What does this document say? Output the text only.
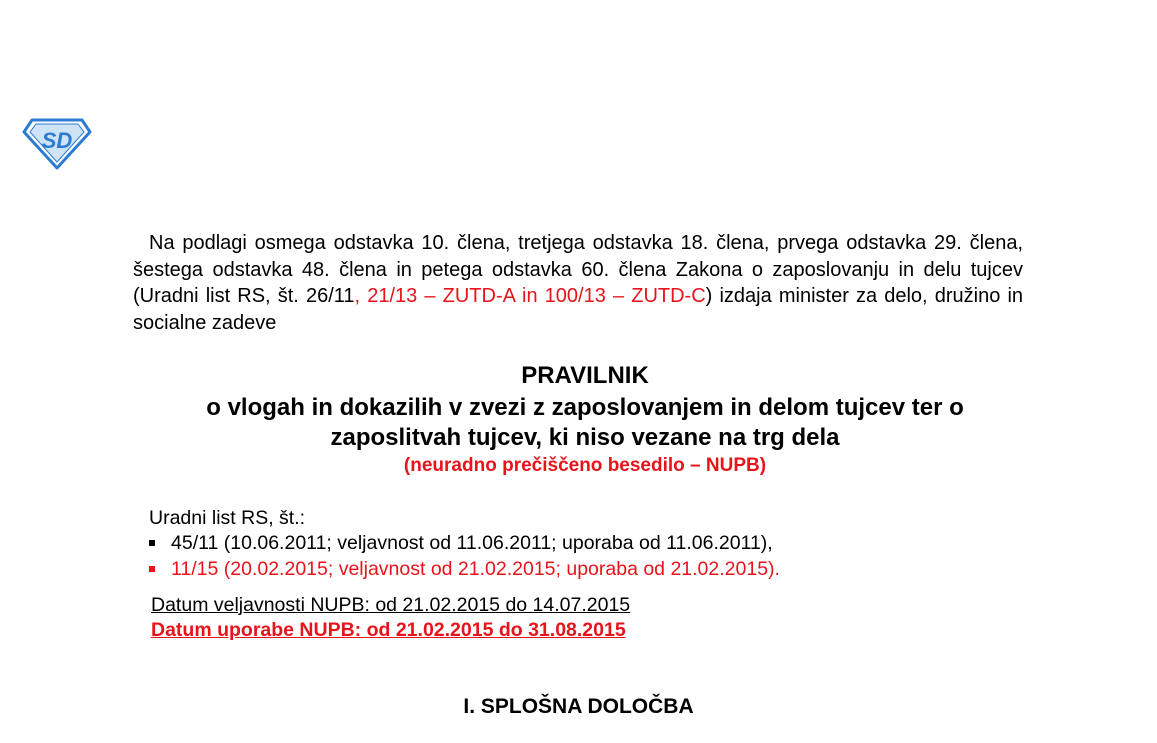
SD

Na podlagi osmega odstavka 10. člena, tretjega odstavka 18. člena, prvega odstavka 29. člena, šestega odstavka 48. člena in petega odstavka 60. člena Zakona o zaposlovanju in delu tujcev (Uradni list RS, št. 26/11, 21/13 – ZUTD-A in 100/13 – ZUTD-C) izdaja minister za delo, družino in socialne zadeve

PRAVILNIK

o vlogah in dokazilih v zvezi z zaposlovanjem in delom tujcev ter o
zaposlitvah tujcev, ki niso vezane na trg dela

(neuradno prečiščeno besedilo – NUPB)

Uradni list RS, št.:

45/11 (10.06.2011; veljavnost od 11.06.2011; uporaba od 11.06.2011),
11/15 (20.02.2015; veljavnost od 21.02.2015; uporaba od 21.02.2015).

Datum veljavnosti NUPB: od 21.02.2015 do 14.07.2015

Datum uporabe NUPB: od 21.02.2015 do 31.08.2015

I. SPLOŠNA DOLOČBA
